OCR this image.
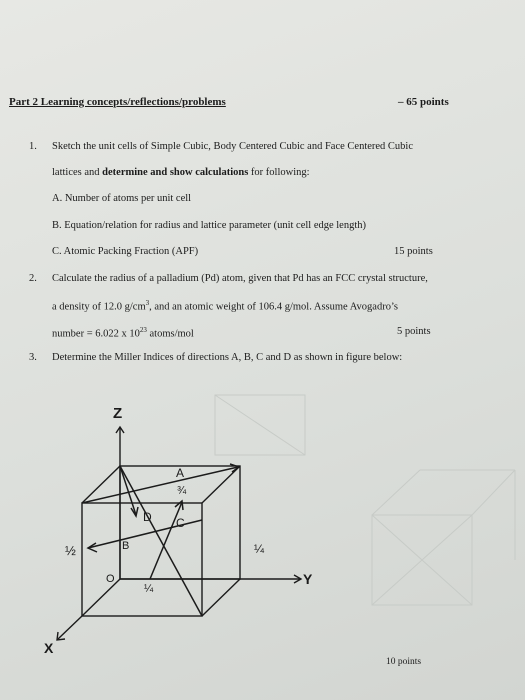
Part 2 Learning concepts/reflections/problems	– 65 points
1. Sketch the unit cells of Simple Cubic, Body Centered Cubic and Face Centered Cubic
lattices and determine and show calculations for following:
A. Number of atoms per unit cell
B. Equation/relation for radius and lattice parameter (unit cell edge length)
C. Atomic Packing Fraction (APF)	15 points
2. Calculate the radius of a palladium (Pd) atom, given that Pd has an FCC crystal structure,
a density of 12.0 $g/cm^3$, and an atomic weight of 106.4 g/mol. Assume Avogadro’s
number = 6.022 x $10^{23}$ atoms/mol	5 points
3. Determine the Miller Indices of directions A, B, C and D as shown in figure below:
Z
Y
X
O
A
¾
B
C
D
½	¼
¼
10 points
